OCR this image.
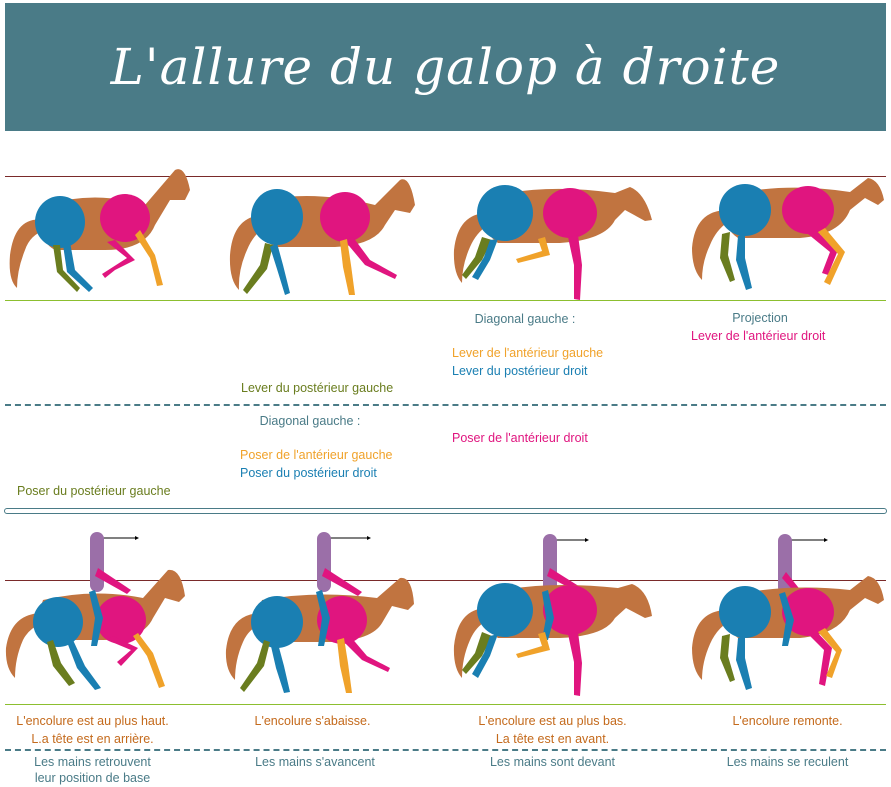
L'allure du galop à droite
Diagonal gauche :
Lever de l'antérieur gauche
Lever du postérieur droit
Projection
Lever de l'antérieur droit
Lever du postérieur gauche
Diagonal gauche :
Poser de l'antérieur droit
Poser de l'antérieur gauche
Poser du postérieur droit
Poser du postérieur gauche
L'encolure est au plus haut.
L.a tête est en arrière.
L'encolure s'abaisse.	L'encolure est au plus bas.
La tête est en avant.
L'encolure remonte.
Les mains retrouvent
leur position de base
Les mains s'avancent	Les mains sont devant	Les mains se reculent
